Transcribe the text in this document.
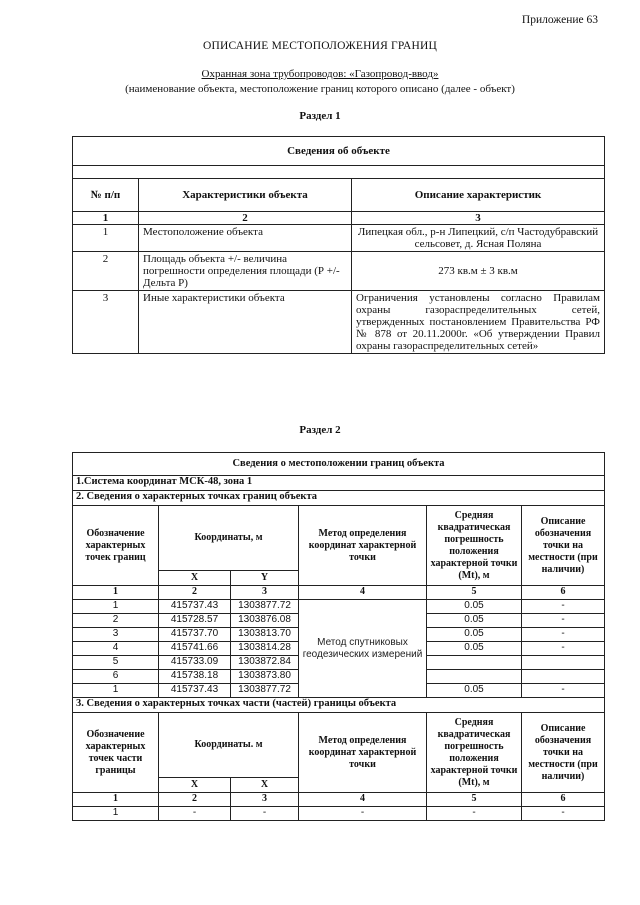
Приложение 63
ОПИСАНИЕ МЕСТОПОЛОЖЕНИЯ ГРАНИЦ
Охранная зона трубопроводов: «Газопровод-ввод»
(наименование объекта, местоположение границ которого описано (далее - объект)
Раздел 1
Сведения об объекте		

№ п/п	Характеристики объекта	Описание характеристик
1	2	3
1	Местоположение объекта	Липецкая обл., р-н Липецкий, с/п Частодубравский сельсовет, д. Ясная Поляна
2	Площадь объекта +/- величина погрешности определения площади (Р +/- Дельта Р)	273 кв.м ± 3 кв.м
3	Иные характеристики объекта	Ограничения установлены согласно Правилам охраны газораспределительных сетей, утвержденных постановлением Правительства РФ № 878 от 20.11.2000г. «Об утверждении Правил охраны газораспределительных сетей»
Раздел 2
Сведения о местоположении границ объекта					
1.Система координат МСК-48, зона 1					
2. Сведения о характерных точках границ объекта					
Обозначение характерных точек границ	Координаты, м		Метод определения координат характерной точки	Средняя квадратическая погрешность положения характерной точки (Mt), м	Описание обозначения точки на местности (при наличии)
	X	Y			
1	2	3	4	5	6
1	415737.43	1303877.72	Метод спутниковых геодезических измерений	0.05	-
2	415728.57	1303876.08		0.05	-
3	415737.70	1303813.70		0.05	-
4	415741.66	1303814.28		0.05	-
5	415733.09	1303872.84			
6	415738.18	1303873.80			
1	415737.43	1303877.72		0.05	-
3. Сведения о характерных точках части (частей) границы объекта					
Обозначение характерных точек части границы	Координаты. м		Метод определения координат характерной точки	Средняя квадратическая погрешность положения характерной точки (Mt), м	Описание обозначения точки на местности (при наличии)
	X	X			
1	2	3	4	5	6
1	-	-	-	-	-
